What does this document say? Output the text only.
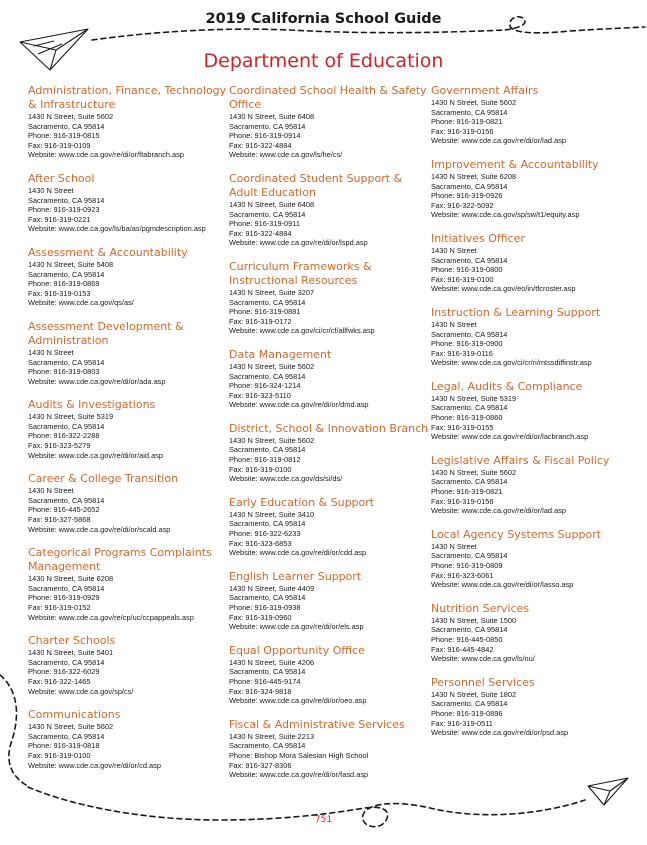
2019 California School Guide
Department of Education
Administration, Finance, Technology & Infrastructure
1430 N Street, Suite 5602
Sacramento, CA 95814
Phone: 916-319-0815
Fax: 916-319-0109
Website: www.cde.ca.gov/re/di/or/ftabranch.asp
After School
1430 N Street
Sacramento, CA 95814
Phone: 916-319-0923
Fax: 916-319-0221
Website: www.cde.ca.gov/ls/ba/as/pgmdescription.asp
Assessment & Accountability
1430 N Street, Suite 5408
Sacramento, CA 95814
Phone: 916-319-0869
Fax: 916-319-0153
Website: www.cde.ca.gov/qs/as/
Assessment Development & Administration
1430 N Street
Sacramento, CA 95814
Phone: 916-319-0803
Website: www.cde.ca.gov/re/di/or/ada.asp
Audits & Investigations
1430 N Street, Suite 5319
Sacramento, CA 95814
Phone: 916-322-2288
Fax: 916-323-5279
Website: www.cde.ca.gov/re/di/or/aid.asp
Career & College Transition
1430 N Street
Sacramento, CA 95814
Phone: 916-445-2652
Fax: 916-327-5868
Website: www.cde.ca.gov/re/di/or/scald.asp
Categorical Programs Complaints Management
1430 N Street, Suite 6208
Sacramento, CA 95814
Phone: 916-319-0929
Fax: 916-319-0152
Website: www.cde.ca.gov/re/cp/uc/ccpappeals.asp
Charter Schools
1430 N Street, Suite 5401
Sacramento, CA 95814
Phone: 916-322-6029
Fax: 916-322-1465
Website: www.cde.ca.gov/sp/cs/
Communications
1430 N Street, Suite 5602
Sacramento, CA 95814
Phone: 916-319-0818
Fax: 916-319-0100
Website: www.cde.ca.gov/re/di/or/cd.asp
Coordinated School Health & Safety Office
1430 N Street, Suite 6408
Sacramento, CA 95814
Phone: 916-319-0914
Fax: 916-322-4884
Website: www.cde.ca.gov/ls/he/cs/
Coordinated Student Support & Adult Education
1430 N Street, Suite 6408
Sacramento, CA 95814
Phone: 916-319-0911
Fax: 916-322-4884
Website: www.cde.ca.gov/re/di/or/lspd.asp
Curriculum Frameworks & Instructional Resources
1430 N Street, Suite 3207
Sacramento, CA 95814
Phone: 916-319-0881
Fax: 916-319-0172
Website: www.cde.ca.gov/ci/cr/cf/allfwks.asp
Data Management
1430 N Street, Suite 5602
Sacramento, CA 95814
Phone: 916-324-1214
Fax: 916-323-5110
Website: www.cde.ca.gov/re/di/or/dmd.asp
District, School & Innovation Branch
1430 N Street, Suite 5602
Sacramento, CA 95814
Phone: 916-319-0812
Fax: 916-319-0100
Website: www.cde.ca.gov/ds/si/ds/
Early Education & Support
1430 N Street, Suite 3410
Sacramento, CA 95814
Phone: 916-322-6233
Fax: 916-323-6853
Website: www.cde.ca.gov/re/di/or/cdd.asp
English Learner Support
1430 N Street, Suite 4409
Sacramento, CA 95814
Phone: 916-319-0938
Fax: 916-319-0960
Website: www.cde.ca.gov/re/di/or/els.asp
Equal Opportunity Office
1430 N Street, Suite 4206
Sacramento, CA 95814
Phone: 916-445-9174
Fax: 916-324-9818
Website: www.cde.ca.gov/re/di/or/oeo.asp
Fiscal & Administrative Services
1430 N Street, Suite 2213
Sacramento, CA 95814
Phone: Bishop Mora Salesian High School
Fax: 916-327-8306
Website: www.cde.ca.gov/re/di/or/fasd.asp
Government Affairs
1430 N Street, Suite 5602
Sacramento, CA 95814
Phone: 916-319-0821
Fax: 916-319-0156
Website: www.cde.ca.gov/re/di/or/lad.asp
Improvement & Accountability
1430 N Street, Suite 6208
Sacramento, CA 95814
Phone: 916-319-0926
Fax: 916-322-5092
Website: www.cde.ca.gov/sp/sw/t1/equity.asp
Initiatives Officer
1430 N Street
Sacramento, CA 95814
Phone: 916-319-0800
Fax: 916-319-0100
Website: www.cde.ca.gov/eo/in/tfcroster.asp
Instruction & Learning Support
1430 N Street
Sacramento, CA 95814
Phone: 916-319-0900
Fax: 916-319-0116
Website: www.cde.ca.gov/ci/cr/ri/mtssdiffinstr.asp
Legal, Audits & Compliance
1430 N Street, Suite 5319
Sacramento, CA 95814
Phone: 916-319-0860
Fax: 916-319-0155
Website: www.cde.ca.gov/re/di/or/lacbranch.asp
Legislative Affairs & Fiscal Policy
1430 N Street, Suite 5602
Sacramento, CA 95814
Phone: 916-319-0821
Fax: 916-319-0156
Website: www.cde.ca.gov/re/di/or/lad.asp
Local Agency Systems Support
1430 N Street
Sacramento, CA 95814
Phone: 916-319-0809
Fax: 916-323-6061
Website: www.cde.ca.gov/re/di/or/lasso.asp
Nutrition Services
1430 N Street, Suite 1500
Sacramento, CA 95814
Phone: 916-445-0850
Fax: 916-445-4842
Website: www.cde.ca.gov/ls/nu/
Personnel Services
1430 N Street, Suite 1802
Sacramento, CA 95814
Phone: 916-319-0896
Fax: 916-319-0511
Website: www.cde.ca.gov/re/di/or/psd.asp
751
